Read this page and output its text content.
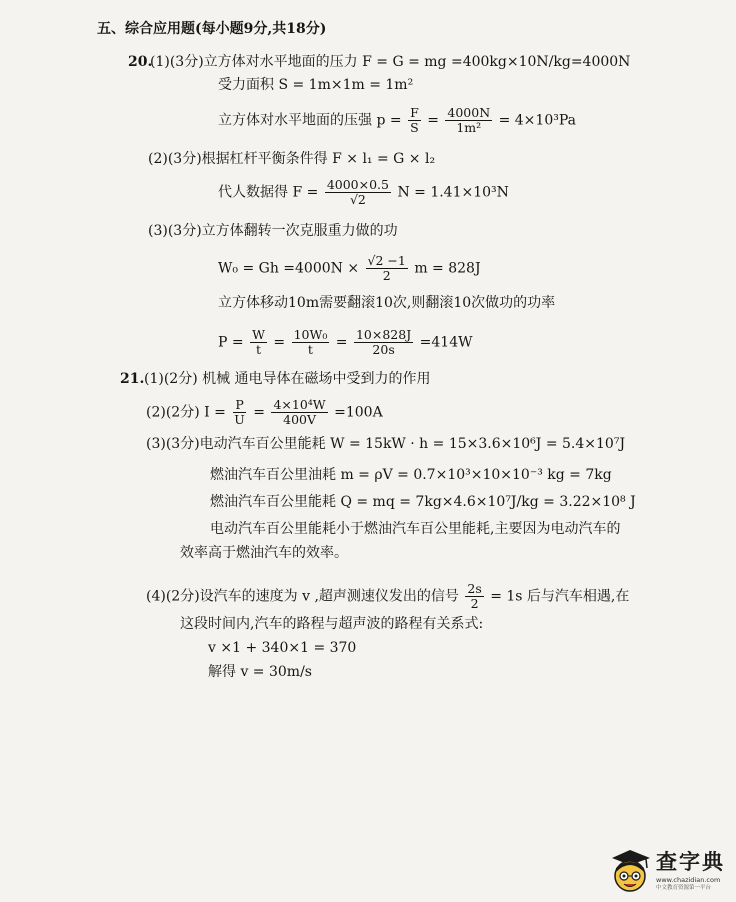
五、综合应用题(每小题9分,共18分)
20.
(1)(3分)立方体对水平地面的压力 F = G = mg =400kg×10N/kg=4000N
受力面积 S = 1m×1m = 1m²
立方体对水平地面的压强 $p = \frac{F}{S} = \frac{4000N}{\text{1m²}} = 4\times 10^3Pa$
(2)(3分)根据杠杆平衡条件得 F × l₁ = G × l₂
代人数据得 $F = \frac{4000\times 0.5}{√2}$ N = 1.41×10³N
(3)(3分)立方体翻转一次克服重力做的功
$W_0 = Gh =4000N \times \frac{√2 -1}{2}$ m = 828J
立方体移动10m需要翻滚10次,则翻滚10次做功的功率
$P = \frac{W}{t} = \frac{\text{10W₀}}{t} = \frac{10\times 828J}{20s} =414W$
21. (1)(2分) 机械 通电导体在磁场中受到力的作用
(2)(2分) $I = \frac{P}{U} = \frac{\text{4×10⁴W}}{400V} =100A$
(3)(3分)电动汽车百公里能耗 W = 15kW · h = 15×3.6×10⁶J = 5.4×10⁷J
燃油汽车百公里油耗 m = ρV = 0.7×10³×10×10⁻³ kg = 7kg
燃油汽车百公里能耗 Q = mq = 7kg×4.6×10⁷J/kg = 3.22×10⁸ J
电动汽车百公里能耗小于燃油汽车百公里能耗,主要因为电动汽车的
效率高于燃油汽车的效率。
(4)(2分)设汽车的速度为 v ,超声测速仪发出的信号 $\frac{2s}{2} = 1s$ 后与汽车相遇,在
这段时间内,汽车的路程与超声波的路程有关系式:
v ×1 + 340×1 = 370
解得 v = 30m/s
查字典
www.chazidian.com
中文教育资源第一平台
